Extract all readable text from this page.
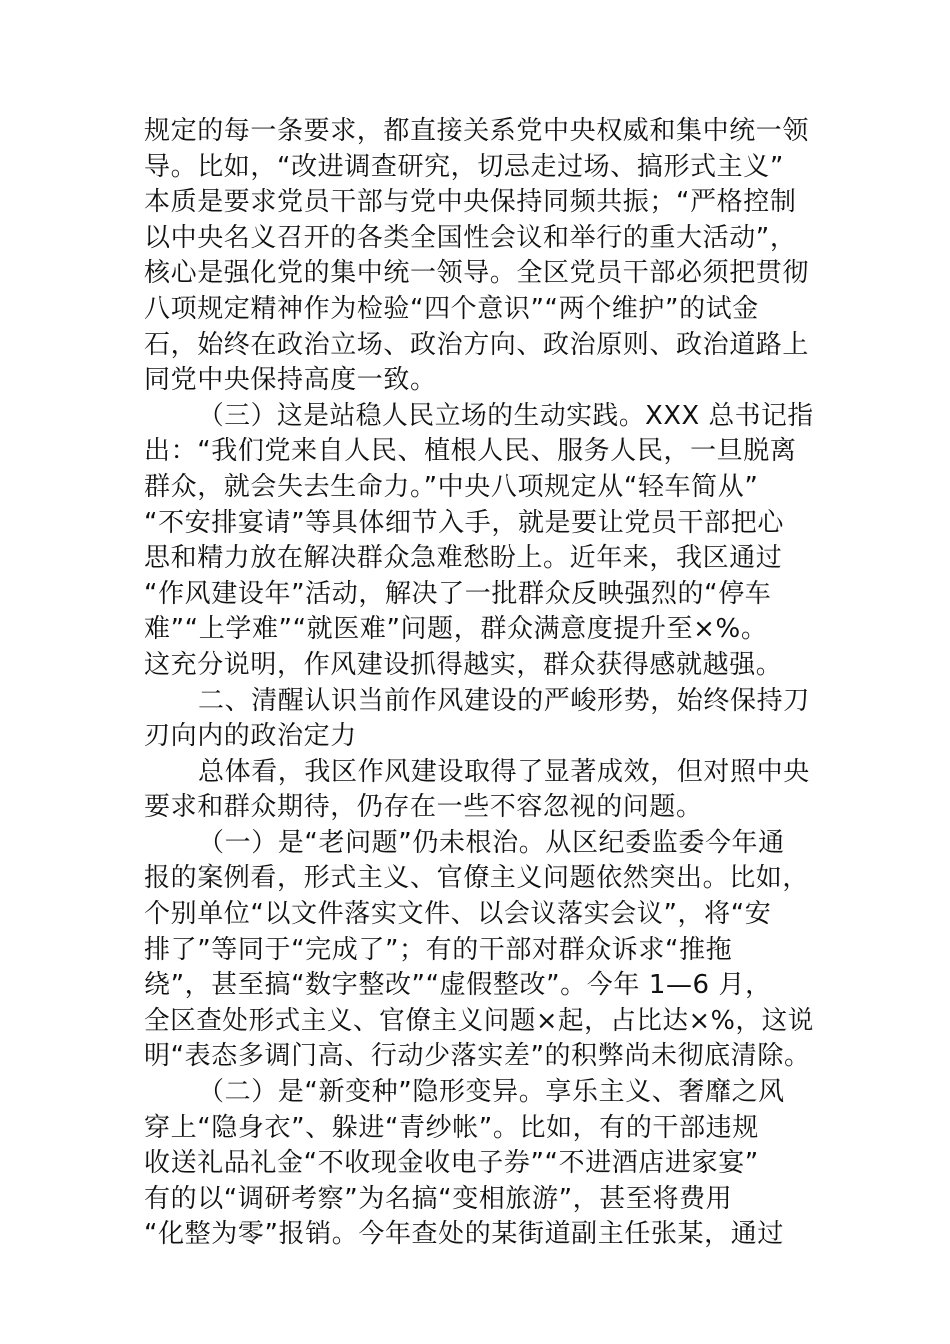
规定的每一条要求，都直接关系党中央权威和集中统一领
导。比如，“改进调查研究，切忌走过场、搞形式主义”
本质是要求党员干部与党中央保持同频共振；“严格控制
以中央名义召开的各类全国性会议和举行的重大活动”，
核心是强化党的集中统一领导。全区党员干部必须把贯彻
八项规定精神作为检验“四个意识”“两个维护”的试金
石，始终在政治立场、政治方向、政治原则、政治道路上
同党中央保持高度一致。
（三）这是站稳人民立场的生动实践。XXX 总书记指
出：“我们党来自人民、植根人民、服务人民，一旦脱离
群众，就会失去生命力。”中央八项规定从“轻车简从”
“不安排宴请”等具体细节入手，就是要让党员干部把心
思和精力放在解决群众急难愁盼上。近年来，我区通过
“作风建设年”活动，解决了一批群众反映强烈的“停车
难”“上学难”“就医难”问题，群众满意度提升至×%。
这充分说明，作风建设抓得越实，群众获得感就越强。
二、清醒认识当前作风建设的严峻形势，始终保持刀
刃向内的政治定力
总体看，我区作风建设取得了显著成效，但对照中央
要求和群众期待，仍存在一些不容忽视的问题。
（一）是“老问题”仍未根治。从区纪委监委今年通
报的案例看，形式主义、官僚主义问题依然突出。比如，
个别单位“以文件落实文件、以会议落实会议”，将“安
排了”等同于“完成了”；有的干部对群众诉求“推拖
绕”，甚至搞“数字整改”“虚假整改”。今年 1—6 月，
全区查处形式主义、官僚主义问题×起，占比达×%，这说
明“表态多调门高、行动少落实差”的积弊尚未彻底清除。
（二）是“新变种”隐形变异。享乐主义、奢靡之风
穿上“隐身衣”、躲进“青纱帐”。比如，有的干部违规
收送礼品礼金“不收现金收电子券”“不进酒店进家宴”
有的以“调研考察”为名搞“变相旅游”，甚至将费用
“化整为零”报销。今年查处的某街道副主任张某，通过
